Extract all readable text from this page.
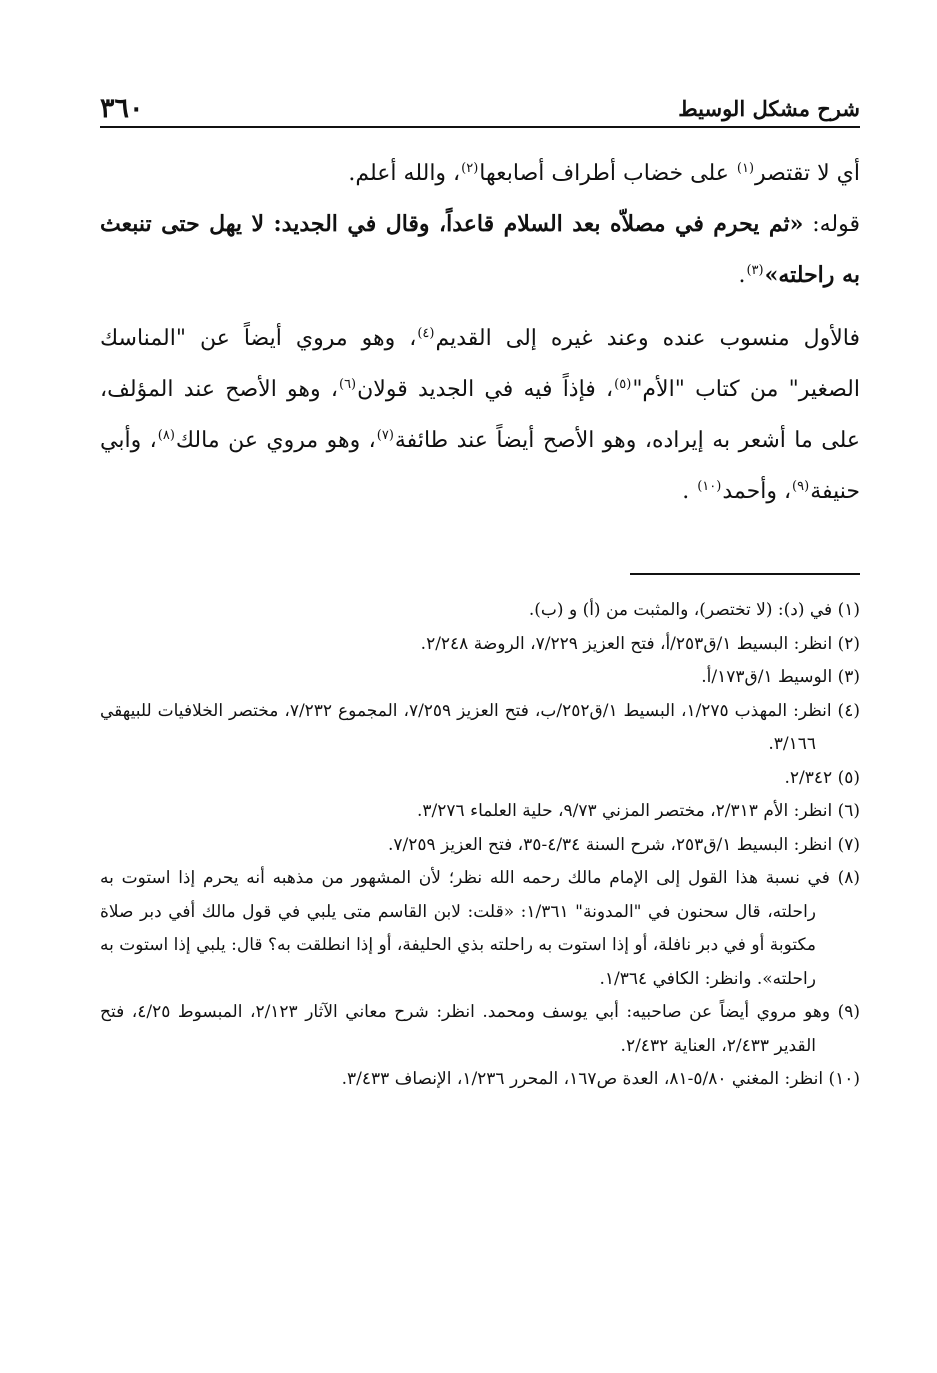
شرح مشكل الوسيط
٣٦٠

أي لا تقتصر$^{(١)}$ على خضاب أطراف أصابعها$^{(٢)}$، والله أعلم.

قوله: «ثم يحرم في مصلاّه بعد السلام قاعداً، وقال في الجديد: لا يهل حتى تنبعث به راحلته»$^{(٣)}$.

فالأول منسوب عنده وعند غيره إلى القديم$^{(٤)}$، وهو مروي أيضاً عن "المناسك الصغير" من كتاب "الأم"$^{(٥)}$، فإذاً فيه في الجديد قولان$^{(٦)}$، وهو الأصح عند المؤلف، على ما أشعر به إيراده، وهو الأصح أيضاً عند طائفة$^{(٧)}$، وهو مروي عن مالك$^{(٨)}$، وأبي حنيفة$^{(٩)}$، وأحمد$^{(١٠)}$ .

(١) في (د): (لا تختصر)، والمثبت من (أ) و (ب).

(٢) انظر: البسيط ١/ق٢٥٣/أ، فتح العزيز ٧/٢٢٩، الروضة ٢/٢٤٨.

(٣) الوسيط ١/ق١٧٣/أ.

(٤) انظر: المهذب ١/٢٧٥، البسيط ١/ق٢٥٢/ب، فتح العزيز ٧/٢٥٩، المجموع ٧/٢٣٢، مختصر الخلافيات للبيهقي ٣/١٦٦.

(٥) ٢/٣٤٢.

(٦) انظر: الأم ٢/٣١٣، مختصر المزني ٩/٧٣، حلية العلماء ٣/٢٧٦.

(٧) انظر: البسيط ١/ق٢٥٣، شرح السنة ٤/٣٤-٣٥، فتح العزيز ٧/٢٥٩.

(٨) في نسبة هذا القول إلى الإمام مالك رحمه الله نظر؛ لأن المشهور من مذهبه أنه يحرم إذا استوت به راحلته، قال سحنون في "المدونة" ١/٣٦١: «قلت: لابن القاسم متى يلبي في قول مالك أفي دبر صلاة مكتوبة أو في دبر نافلة، أو إذا استوت به راحلته بذي الحليفة، أو إذا انطلقت به؟ قال: يلبي إذا استوت به راحلته». وانظر: الكافي ١/٣٦٤.

(٩) وهو مروي أيضاً عن صاحبيه: أبي يوسف ومحمد. انظر: شرح معاني الآثار ٢/١٢٣، المبسوط ٤/٢٥، فتح القدير ٢/٤٣٣، العناية ٢/٤٣٢.

(١٠) انظر: المغني ٥/٨٠-٨١، العدة ص١٦٧، المحرر ١/٢٣٦، الإنصاف ٣/٤٣٣.
